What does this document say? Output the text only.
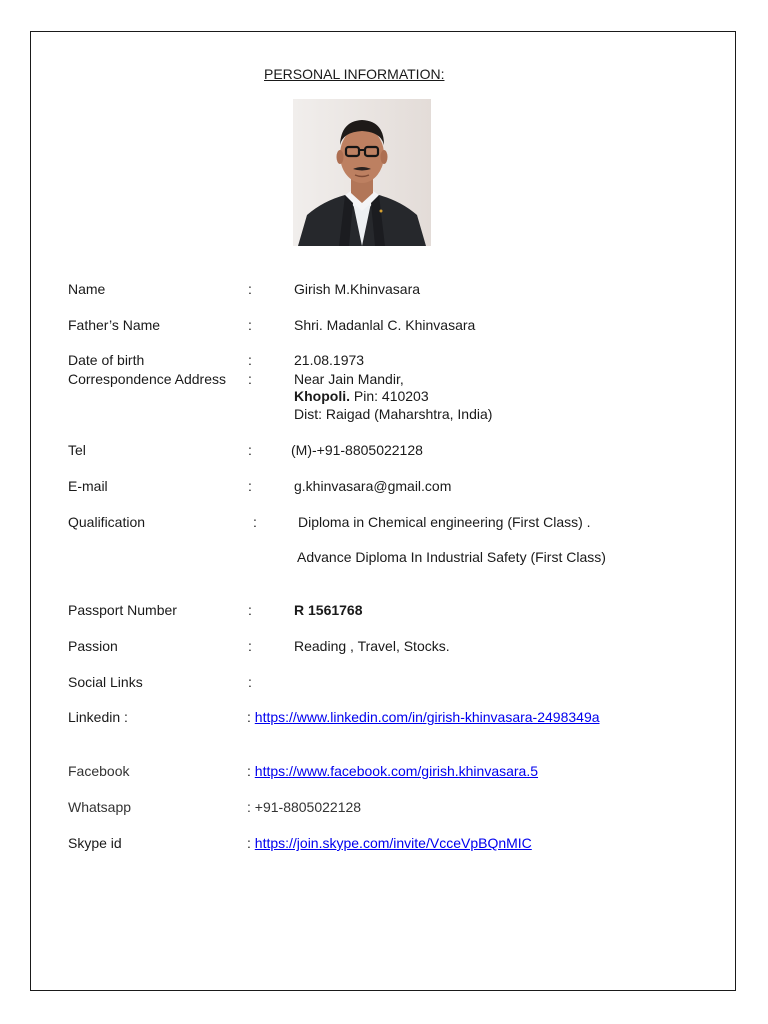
PERSONAL INFORMATION:
Name	:	Girish M.Khinvasara
Father’s Name	:	Shri. Madanlal C. Khinvasara
Date of birth	:	21.08.1973
Correspondence Address :	Near Jain Mandir,
Khopoli. Pin: 410203
Dist: Raigad (Maharshtra, India)
Tel	:	(M)-+91-8805022128
E-mail	:	g.khinvasara@gmail.com
Qualification	:	Diploma in Chemical engineering (First Class) .
Advance Diploma In Industrial Safety (First Class)
Passport Number	:	R 1561768
Passion	:	Reading , Travel, Stocks.
Social Links	:
Linkedin :	: https://www.linkedin.com/in/girish-khinvasara-2498349a
Facebook	: https://www.facebook.com/girish.khinvasara.5
Whatsapp	: +91-8805022128
Skype id	: https://join.skype.com/invite/VcceVpBQnMIC
